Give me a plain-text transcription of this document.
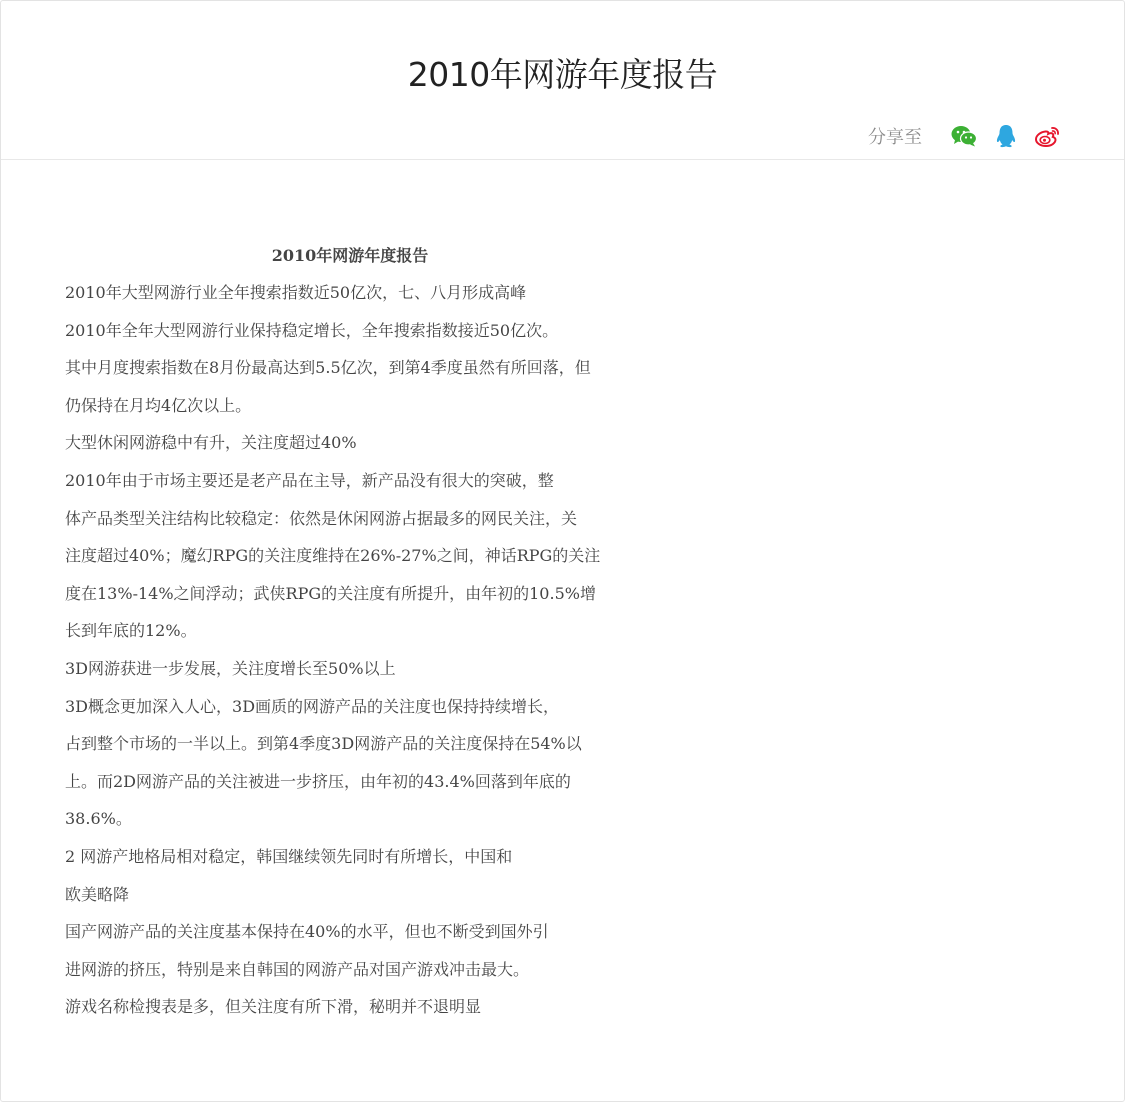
2010年网游年度报告
分享至
2010年网游年度报告
2010年大型网游行业全年搜索指数近50亿次，七、八月形成高峰
2010年全年大型网游行业保持稳定增长，全年搜索指数接近50亿次。
其中月度搜索指数在8月份最高达到5.5亿次，到第4季度虽然有所回落，但
仍保持在月均4亿次以上。
大型休闲网游稳中有升，关注度超过40%
2010年由于市场主要还是老产品在主导，新产品没有很大的突破，整
体产品类型关注结构比较稳定：依然是休闲网游占据最多的网民关注，关
注度超过40%；魔幻RPG的关注度维持在26%-27%之间，神话RPG的关注
度在13%-14%之间浮动；武侠RPG的关注度有所提升，由年初的10.5%增
长到年底的12%。
3D网游获进一步发展，关注度增长至50%以上
3D概念更加深入人心，3D画质的网游产品的关注度也保持持续增长，
占到整个市场的一半以上。到第4季度3D网游产品的关注度保持在54%以
上。而2D网游产品的关注被进一步挤压，由年初的43.4%回落到年底的
38.6%。
2 网游产地格局相对稳定，韩国继续领先同时有所增长，中国和
欧美略降
国产网游产品的关注度基本保持在40%的水平，但也不断受到国外引
进网游的挤压，特别是来自韩国的网游产品对国产游戏冲击最大。
游戏名称检搜表是多，但关注度有所下滑，秘明并不退明显
